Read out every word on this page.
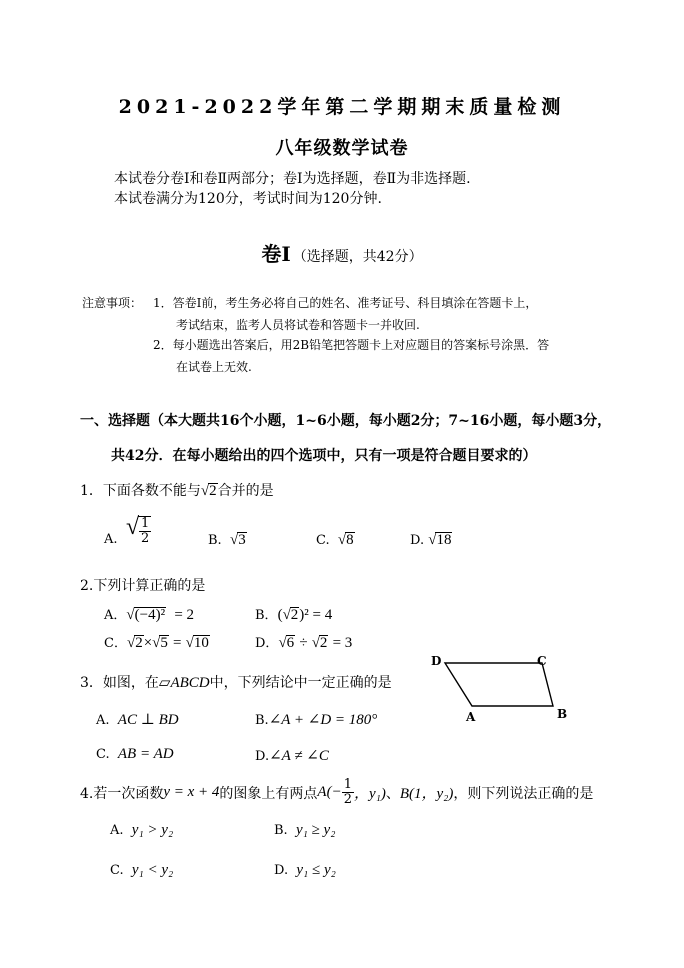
2021-2022学年第二学期期末质量检测
八年级数学试卷
本试卷分卷Ⅰ和卷Ⅱ两部分；卷Ⅰ为选择题，卷Ⅱ为非选择题.
本试卷满分为120分，考试时间为120分钟.
卷Ⅰ （选择题，共42分）
注意事项： 1．答卷Ⅰ前，考生务必将自己的姓名、准考证号、科目填涂在答题卡上，
考试结束，监考人员将试卷和答题卡一并收回.
2．每小题选出答案后，用2B铅笔把答题卡上对应题目的答案标号涂黑．答
在试卷上无效.
一、选择题（本大题共16个小题，1~6小题，每小题2分；7~16小题，每小题3分，
共42分．在每小题给出的四个选项中，只有一项是符合题目要求的）
1．下面各数不能与√2合并的是
A. √ $\frac{1}{2}$	B. √3	C. √8	D. √18
2.下列计算正确的是
A．√(−4)² = 2	B．(√2)² = 4
C．√2×√5 = √10	D．√6 ÷ √2 = 3
3．如图，在▱ABCD中，下列结论中一定正确的是
D	C
A	B
A. AC ⊥ BD	B.∠A + ∠D = 180°
C. AB = AD	D.∠A ≠ ∠C
4.若一次函数 y = x + 4 的图象上有两点 $A(- \frac{1}{2}$ ，y₁) 、 B(1，y₂) ，则下列说法正确的是
A. y₁ > y₂	B. y₁ ≥ y₂
C. y₁ < y₂	D. y₁ ≤ y₂
